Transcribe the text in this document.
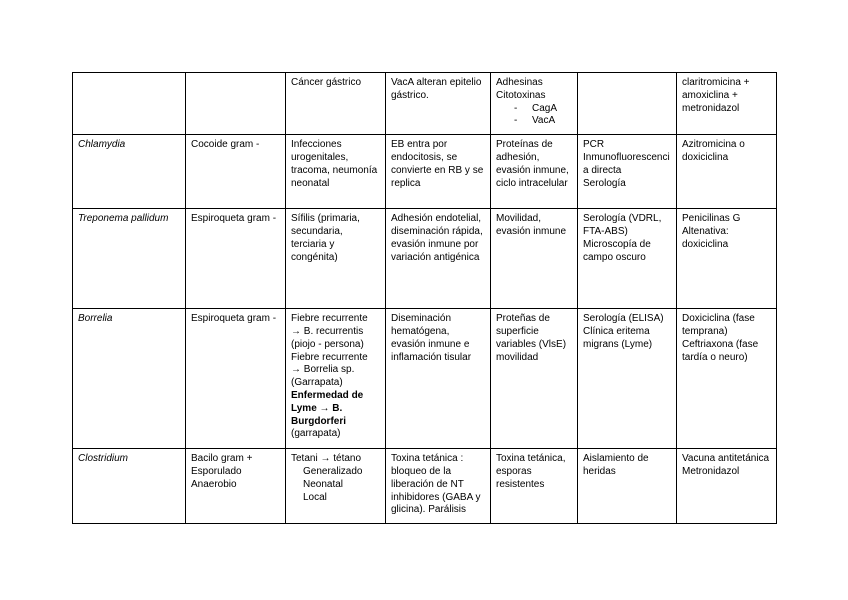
		Cáncer gástrico	VacA alteran epitelio gástrico.	Adhesinas
Citotoxinas
- CagA
- VacA		claritromicina + amoxiclina + metronidazol

Chlamydia	Cocoide gram -	Infecciones urogenitales, tracoma, neumonía neonatal	EB entra por endocitosis, se convierte en RB y se replica	Proteínas de adhesión, evasión inmune, ciclo intracelular	PCR
Inmunofluorescencia directa
Serología	Azitromicina o doxiciclina

Treponema pallidum	Espiroqueta gram -	Sífilis (primaria, secundaria, terciaria y congénita)	Adhesión endotelial, diseminación rápida, evasión inmune por variación antigénica	Movilidad, evasión inmune	Serología (VDRL, FTA-ABS)
Microscopía de campo oscuro	Penicilinas G
Altenativa: doxiciclina

Borrelia	Espiroqueta gram -	Fiebre recurrente → B. recurrentis (piojo - persona)
Fiebre recurrente → Borrelia sp. (Garrapata)
Enfermedad de Lyme → B. Burgdorferi (garrapata)	Diseminación hematógena, evasión inmune e inflamación tisular	Proteñas de superficie variables (VlsE) movilidad	Serología (ELISA)
Clínica eritema migrans (Lyme)	Doxiciclina (fase temprana)
Ceftriaxona (fase tardía o neuro)

Clostridium	Bacilo gram +
Esporulado
Anaerobio	Tetani → tétano
Generalizado
Neonatal
Local	Toxina tetánica : bloqueo de la liberación de NT inhibidores (GABA y glicina). Parálisis	Toxina tetánica, esporas resistentes	Aislamiento de heridas	Vacuna antitetánica
Metronidazol
